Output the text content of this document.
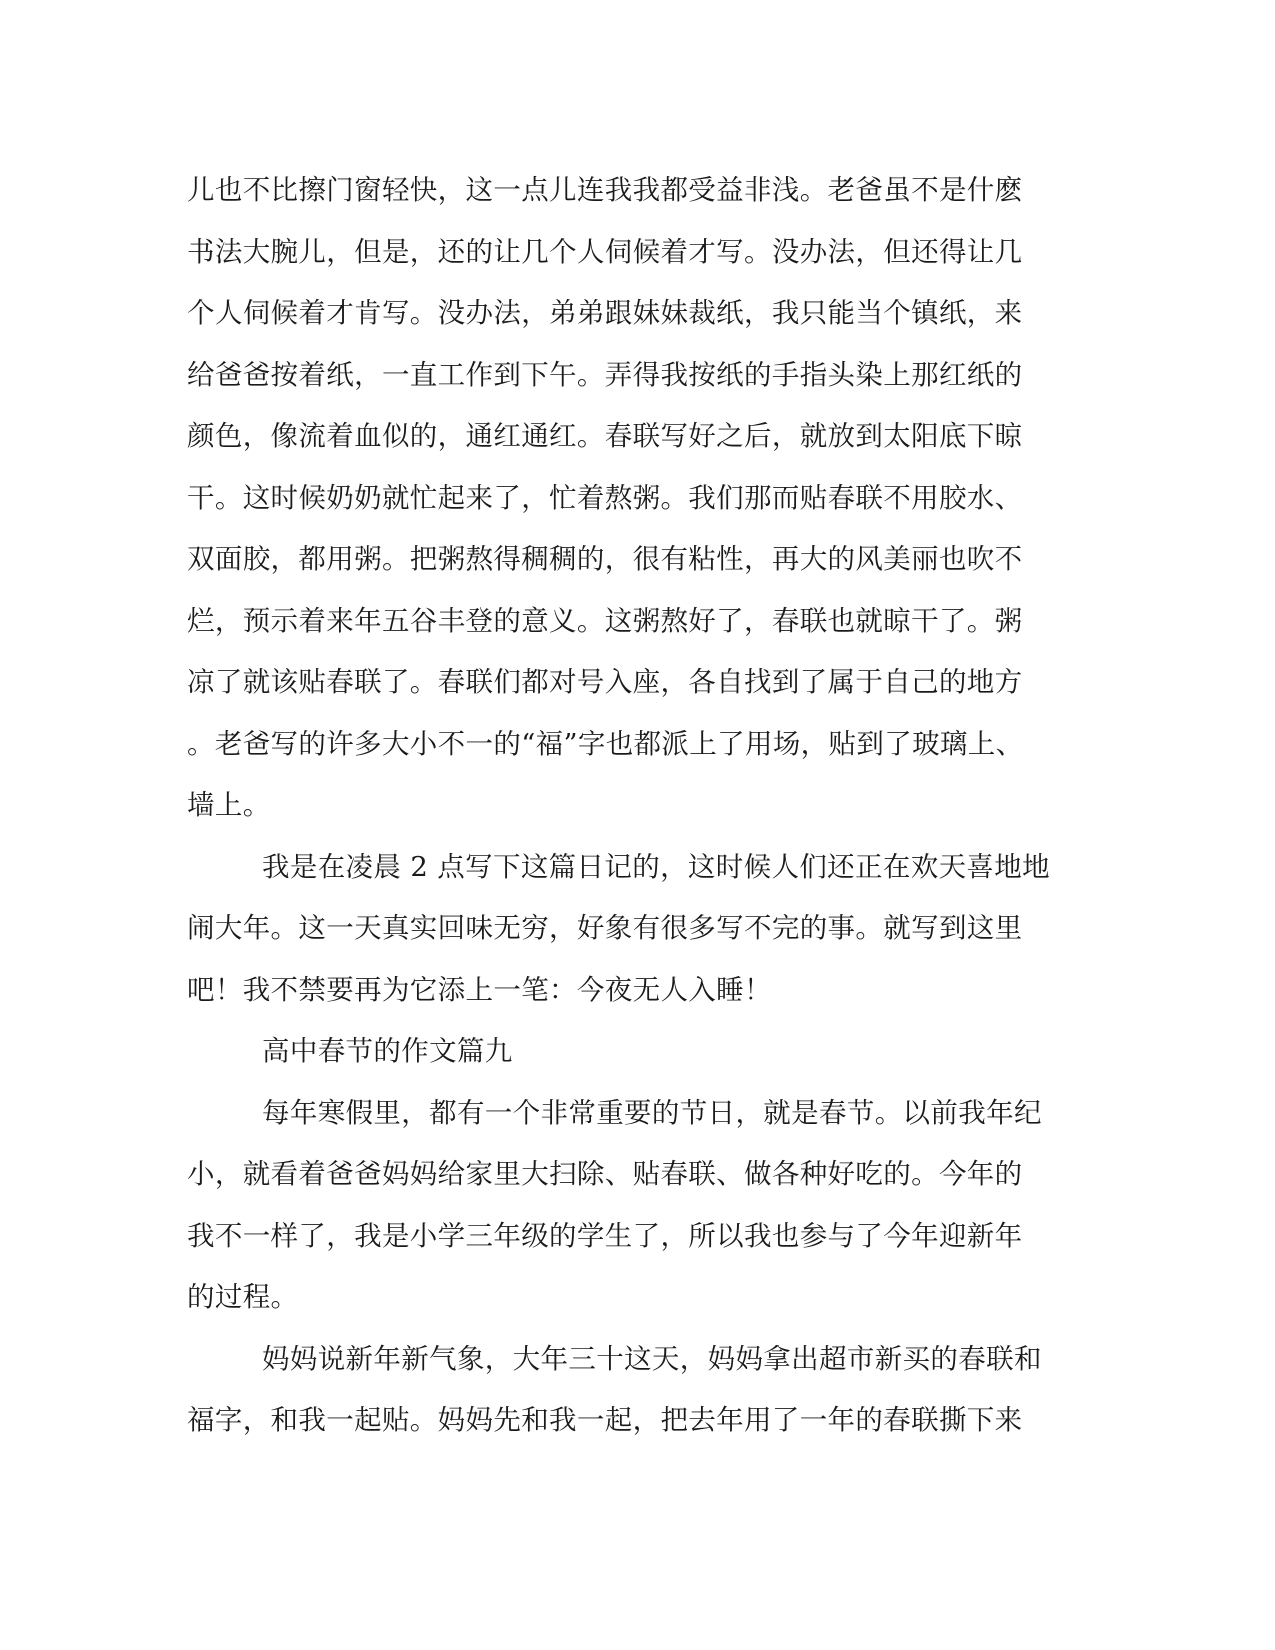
儿也不比擦门窗轻快，这一点儿连我我都受益非浅。老爸虽不是什麽
书法大腕儿，但是，还的让几个人伺候着才写。没办法，但还得让几
个人伺候着才肯写。没办法，弟弟跟妹妹裁纸，我只能当个镇纸，来
给爸爸按着纸，一直工作到下午。弄得我按纸的手指头染上那红纸的
颜色，像流着血似的，通红通红。春联写好之后，就放到太阳底下晾
干。这时候奶奶就忙起来了，忙着熬粥。我们那而贴春联不用胶水、
双面胶，都用粥。把粥熬得稠稠的，很有粘性，再大的风美丽也吹不
烂，预示着来年五谷丰登的意义。这粥熬好了，春联也就晾干了。粥
凉了就该贴春联了。春联们都对号入座，各自找到了属于自己的地方
。老爸写的许多大小不一的“福”字也都派上了用场，贴到了玻璃上、
墙上。
我是在凌晨 2 点写下这篇日记的，这时候人们还正在欢天喜地地
闹大年。这一天真实回味无穷，好象有很多写不完的事。就写到这里
吧！我不禁要再为它添上一笔：今夜无人入睡！
高中春节的作文篇九
每年寒假里，都有一个非常重要的节日，就是春节。以前我年纪
小，就看着爸爸妈妈给家里大扫除、贴春联、做各种好吃的。今年的
我不一样了，我是小学三年级的学生了，所以我也参与了今年迎新年
的过程。
妈妈说新年新气象，大年三十这天，妈妈拿出超市新买的春联和
福字，和我一起贴。妈妈先和我一起，把去年用了一年的春联撕下来
